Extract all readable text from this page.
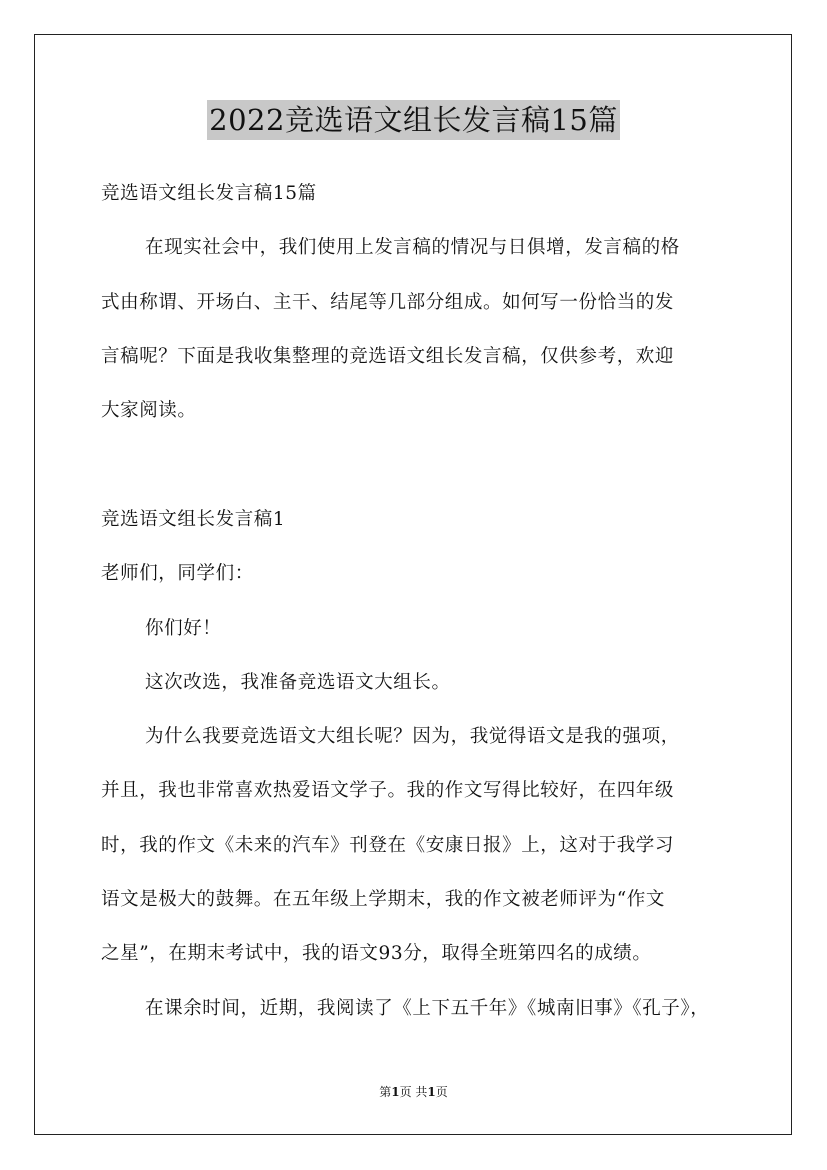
2022竞选语文组长发言稿15篇
竞选语文组长发言稿15篇
在现实社会中，我们使用上发言稿的情况与日俱增，发言稿的格
式由称谓、开场白、主干、结尾等几部分组成。如何写一份恰当的发
言稿呢？下面是我收集整理的竞选语文组长发言稿，仅供参考，欢迎
大家阅读。
竞选语文组长发言稿1
老师们，同学们：
你们好！
这次改选，我准备竞选语文大组长。
为什么我要竞选语文大组长呢？因为，我觉得语文是我的强项，
并且，我也非常喜欢热爱语文学子。我的作文写得比较好，在四年级
时，我的作文《未来的汽车》刊登在《安康日报》上，这对于我学习
语文是极大的鼓舞。在五年级上学期末，我的作文被老师评为“作文
之星”，在期末考试中，我的语文93分，取得全班第四名的成绩。
在课余时间，近期，我阅读了《上下五千年》《城南旧事》《孔子》，
第1页 共1页
